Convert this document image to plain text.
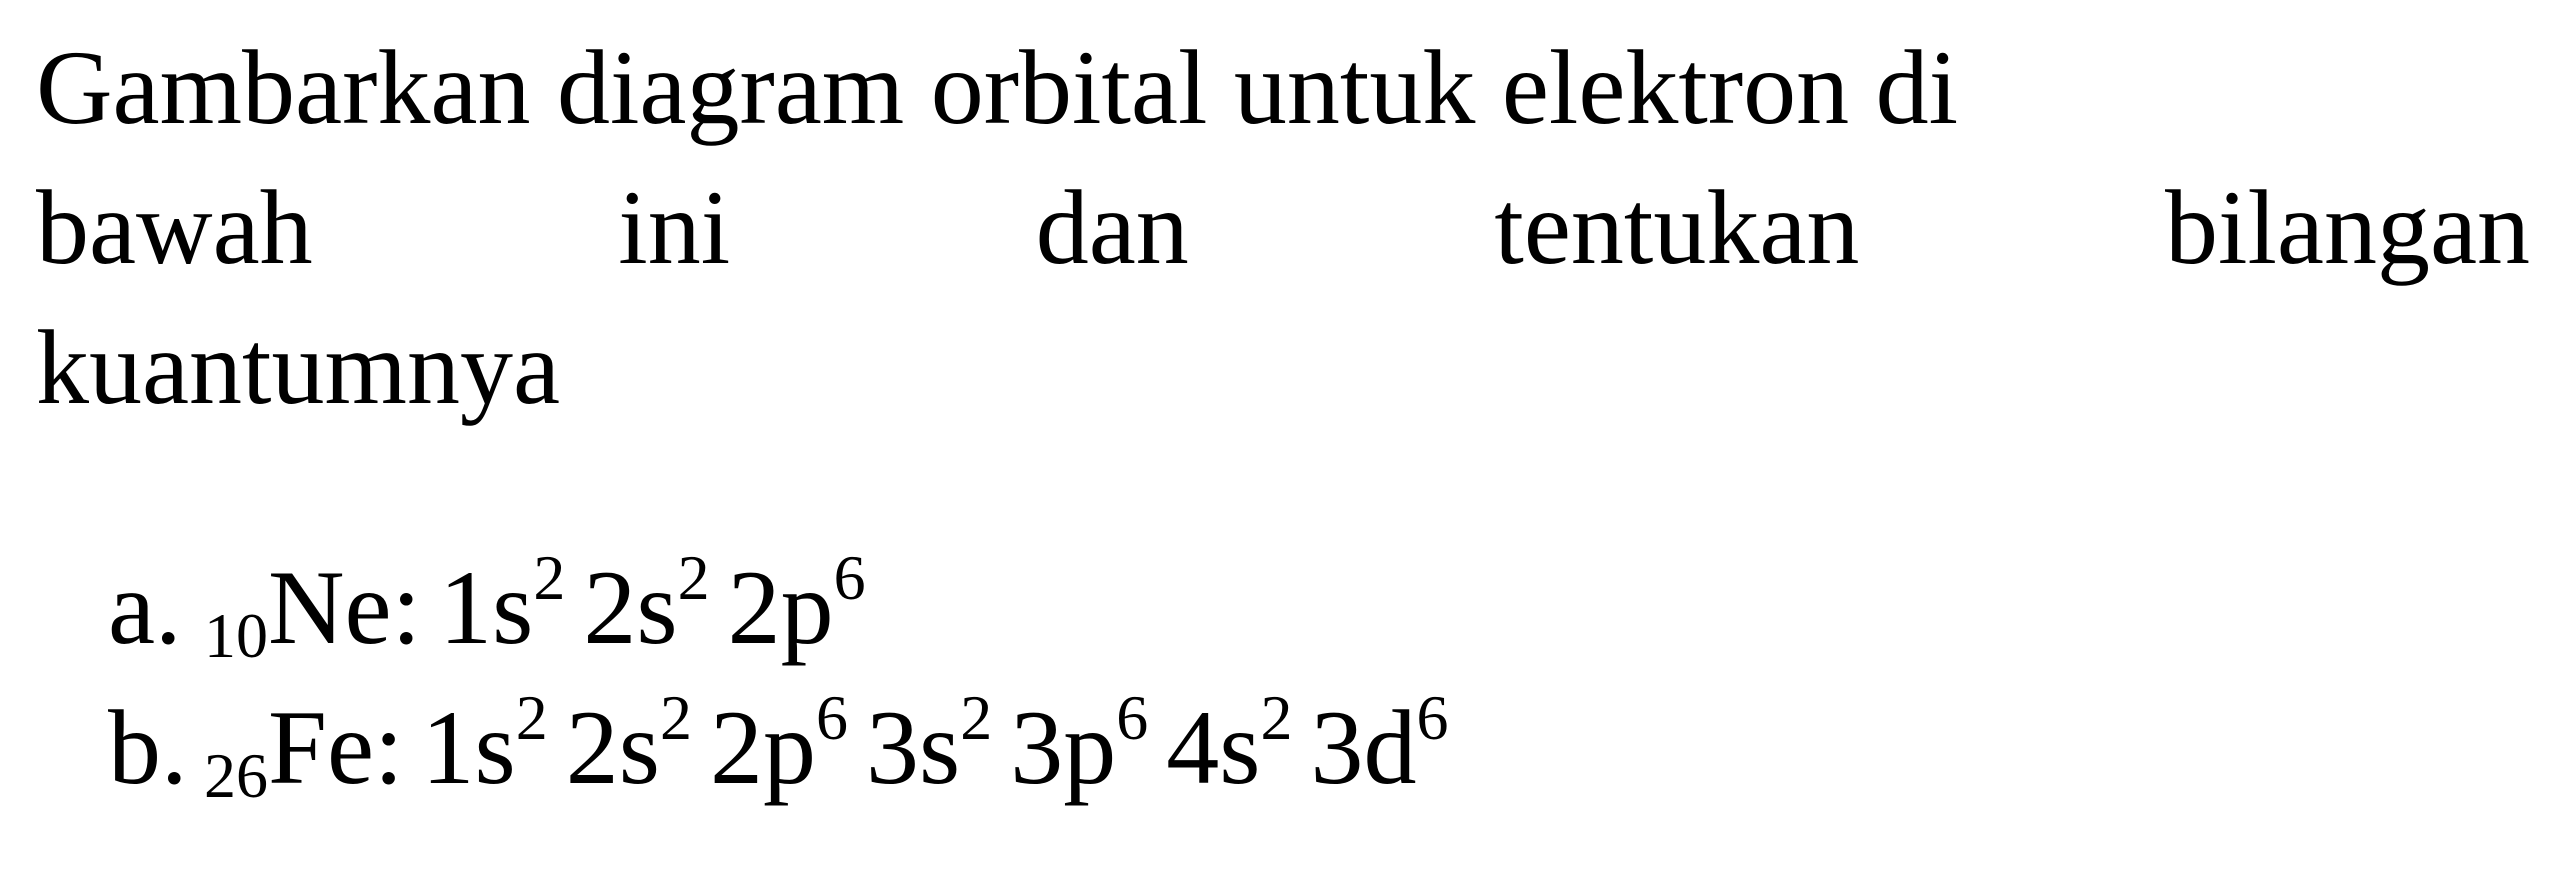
Gambarkan diagram orbital untuk elektron di
bawah	ini	dan	tentukan	bilangan
kuantumnya
a. $_{10}$Ne: $1s^2$ $2s^2$ $2p^6$
b. $_{26}$Fe: $1s^2$ $2s^2$ $2p^6$ $3s^2$ $3p^6$ $4s^2$ $3d^6$
